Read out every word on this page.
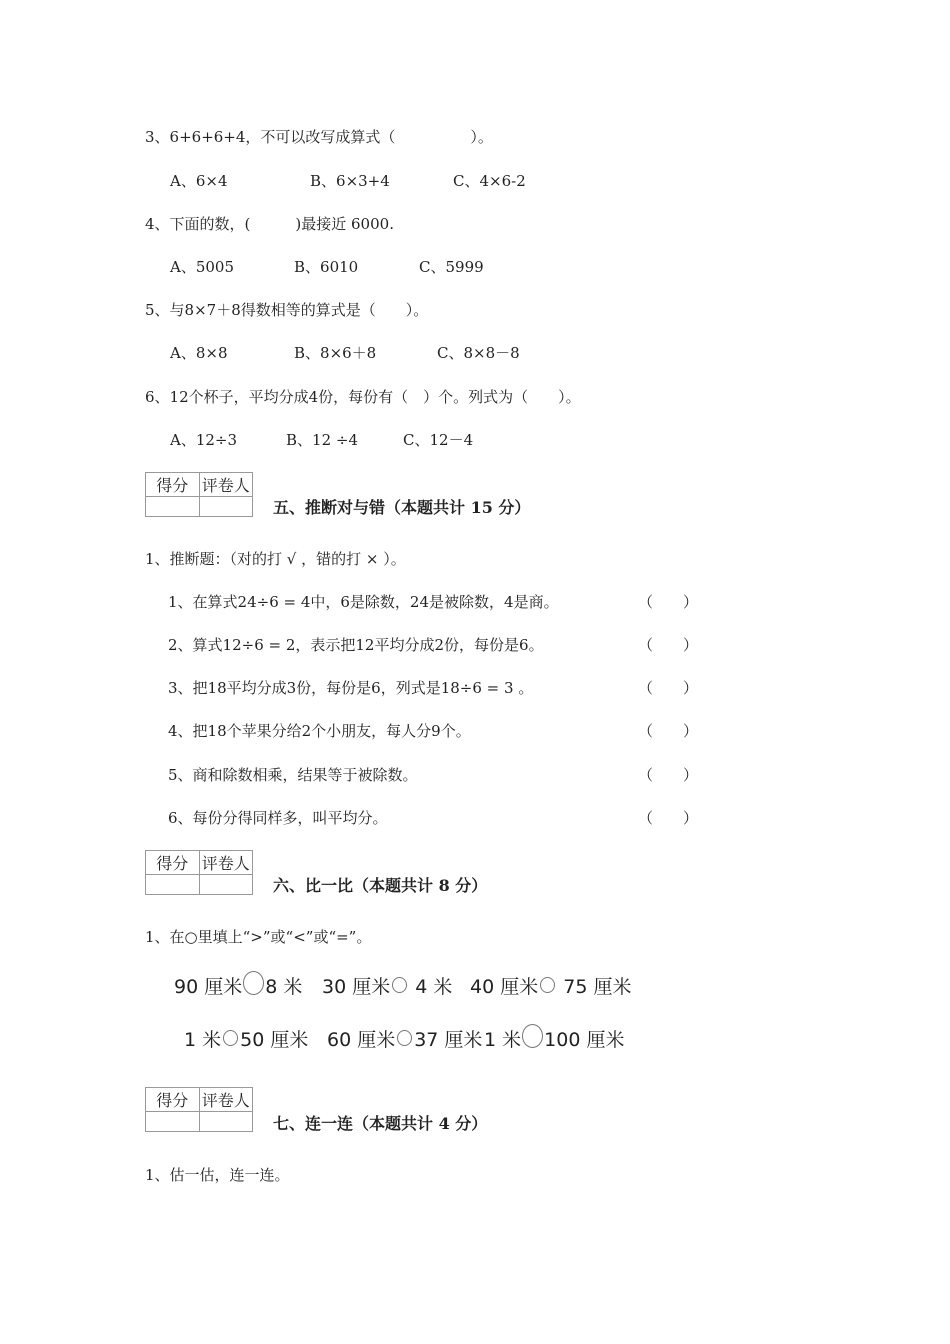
3、6+6+6+4，不可以改写成算式（　　　　　）。
A、6×4	B、6×3+4	C、4×6-2
4、下面的数，(　　　)最接近 6000.
A、5005	B、6010	C、5999
5、与8×7＋8得数相等的算式是（　　）。
A、8×8	B、8×6＋8	C、8×8－8
6、12个杯子，平均分成4份，每份有（　）个。列式为（　　）。
A、12÷3	B、12 ÷4	C、12－4
得分	评卷人

五、推断对与错（本题共计 15 分）
1、推断题：（对的打 √ ，错的打 × ）。
1、在算式24÷6 = 4中，6是除数，24是被除数，4是商。	（　　）
2、算式12÷6 = 2，表示把12平均分成2份，每份是6。	（　　）
3、把18平均分成3份，每份是6，列式是18÷6 = 3 。	（　　）
4、把18个苹果分给2个小朋友，每人分9个。	（　　）
5、商和除数相乘，结果等于被除数。	（　　）
6、每份分得同样多，叫平均分。	（　　）
得分	评卷人

六、比一比（本题共计 8 分）
1、在○里填上“>”或“<”或“=”。
90 厘米 8 米 30 厘米 4 米 40 厘米 75 厘米
1 米 50 厘米 60 厘米 37 厘米 1 米 100 厘米
得分	评卷人

七、连一连（本题共计 4 分）
1、估一估，连一连。
